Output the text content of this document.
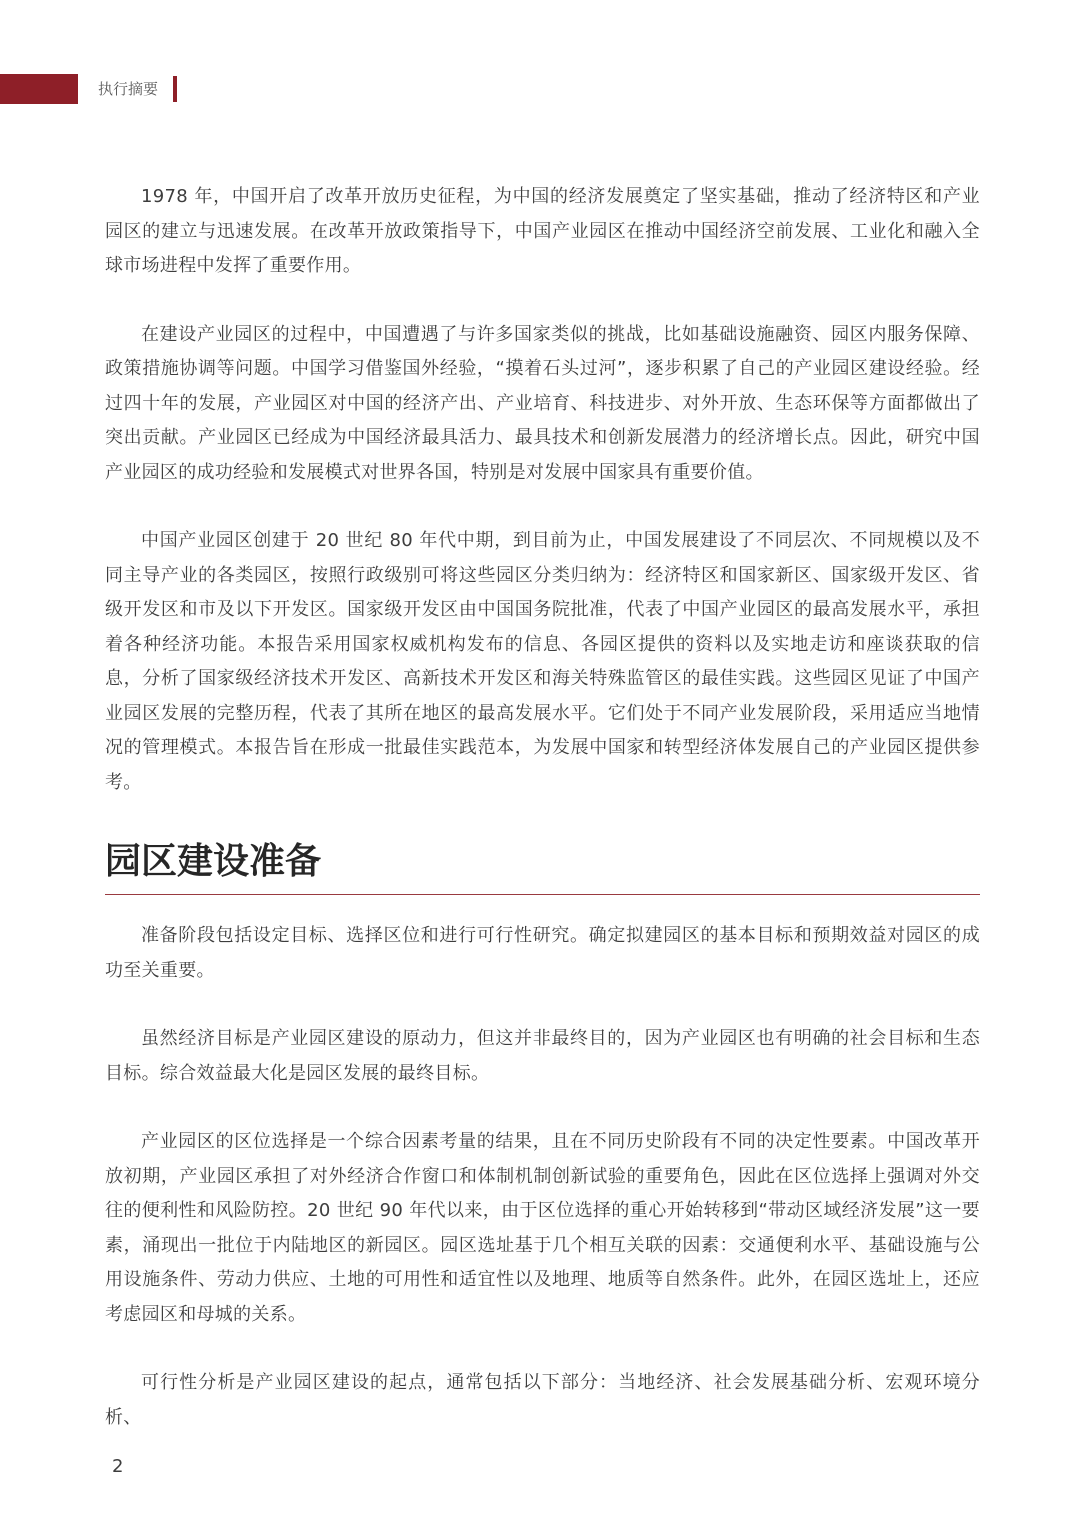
执行摘要

1978 年，中国开启了改革开放历史征程，为中国的经济发展奠定了坚实基础，推动了经济特区和产业园区的建立与迅速发展。在改革开放政策指导下，中国产业园区在推动中国经济空前发展、工业化和融入全球市场进程中发挥了重要作用。

在建设产业园区的过程中，中国遭遇了与许多国家类似的挑战，比如基础设施融资、园区内服务保障、政策措施协调等问题。中国学习借鉴国外经验，“摸着石头过河”，逐步积累了自己的产业园区建设经验。经过四十年的发展，产业园区对中国的经济产出、产业培育、科技进步、对外开放、生态环保等方面都做出了突出贡献。产业园区已经成为中国经济最具活力、最具技术和创新发展潜力的经济增长点。因此，研究中国产业园区的成功经验和发展模式对世界各国，特别是对发展中国家具有重要价值。

中国产业园区创建于 20 世纪 80 年代中期，到目前为止，中国发展建设了不同层次、不同规模以及不同主导产业的各类园区，按照行政级别可将这些园区分类归纳为：经济特区和国家新区、国家级开发区、省级开发区和市及以下开发区。国家级开发区由中国国务院批准，代表了中国产业园区的最高发展水平，承担着各种经济功能。本报告采用国家权威机构发布的信息、各园区提供的资料以及实地走访和座谈获取的信息，分析了国家级经济技术开发区、高新技术开发区和海关特殊监管区的最佳实践。这些园区见证了中国产业园区发展的完整历程，代表了其所在地区的最高发展水平。它们处于不同产业发展阶段，采用适应当地情况的管理模式。本报告旨在形成一批最佳实践范本，为发展中国家和转型经济体发展自己的产业园区提供参考。

园区建设准备

准备阶段包括设定目标、选择区位和进行可行性研究。确定拟建园区的基本目标和预期效益对园区的成功至关重要。

虽然经济目标是产业园区建设的原动力，但这并非最终目的，因为产业园区也有明确的社会目标和生态目标。综合效益最大化是园区发展的最终目标。

产业园区的区位选择是一个综合因素考量的结果，且在不同历史阶段有不同的决定性要素。中国改革开放初期，产业园区承担了对外经济合作窗口和体制机制创新试验的重要角色，因此在区位选择上强调对外交往的便利性和风险防控。20 世纪 90 年代以来，由于区位选择的重心开始转移到“带动区域经济发展”这一要素，涌现出一批位于内陆地区的新园区。园区选址基于几个相互关联的因素：交通便利水平、基础设施与公用设施条件、劳动力供应、土地的可用性和适宜性以及地理、地质等自然条件。此外，在园区选址上，还应考虑园区和母城的关系。

可行性分析是产业园区建设的起点，通常包括以下部分：当地经济、社会发展基础分析、宏观环境分析、

2
